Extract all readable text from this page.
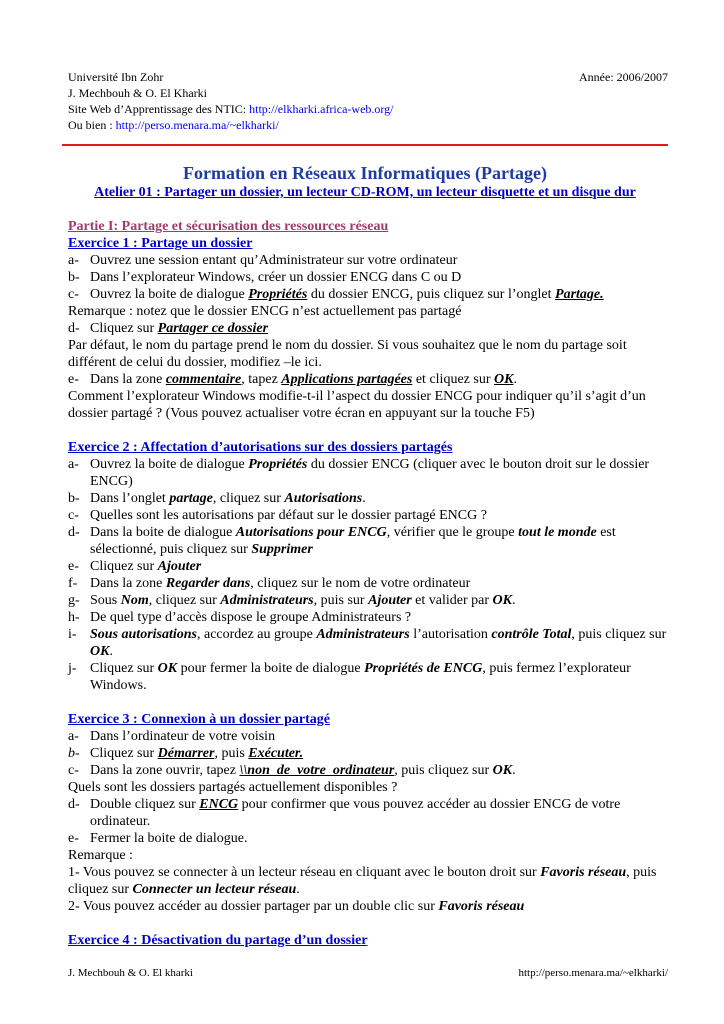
Université Ibn Zohr	Année: 2006/2007
J. Mechbouh & O. El Kharki
Site Web d’Apprentissage des NTIC: http://elkharki.africa-web.org/
Ou bien : http://perso.menara.ma/~elkharki/
Formation en Réseaux Informatiques (Partage)
Atelier 01 : Partager un dossier, un lecteur CD-ROM, un lecteur disquette et un disque dur
Partie I: Partage et sécurisation des ressources réseau
Exercice 1 : Partage un dossier
a- Ouvrez une session entant qu’Administrateur sur votre ordinateur
b- Dans l’explorateur Windows, créer un dossier ENCG dans C ou D
c- Ouvrez la boite de dialogue Propriétés du dossier ENCG, puis cliquez sur l’onglet Partage.
Remarque : notez que le dossier ENCG n’est actuellement pas partagé
d- Cliquez sur Partager ce dossier
Par défaut, le nom du partage prend le nom du dossier. Si vous souhaitez que le nom du partage soit différent de celui du dossier, modifiez –le ici.
e- Dans la zone commentaire, tapez Applications partagées et cliquez sur OK.
Comment l’explorateur Windows modifie-t-il l’aspect du dossier ENCG pour indiquer qu’il s’agit d’un dossier partagé ? (Vous pouvez actualiser votre écran en appuyant sur la touche F5)
Exercice 2 : Affectation d’autorisations sur des dossiers partagés
a- Ouvrez la boite de dialogue Propriétés du dossier ENCG (cliquer avec le bouton droit sur le dossier ENCG)
b- Dans l’onglet partage, cliquez sur Autorisations.
c- Quelles sont les autorisations par défaut sur le dossier partagé ENCG ?
d- Dans la boite de dialogue Autorisations pour ENCG, vérifier que le groupe tout le monde est sélectionné, puis cliquez sur Supprimer
e- Cliquez sur Ajouter
f- Dans la zone Regarder dans, cliquez sur le nom de votre ordinateur
g- Sous Nom, cliquez sur Administrateurs, puis sur Ajouter et valider par OK.
h- De quel type d’accès dispose le groupe Administrateurs ?
i- Sous autorisations, accordez au groupe Administrateurs l’autorisation contrôle Total, puis cliquez sur OK.
j- Cliquez sur OK pour fermer la boite de dialogue Propriétés de ENCG, puis fermez l’explorateur Windows.
Exercice 3 : Connexion à un dossier partagé
a- Dans l’ordinateur de votre voisin
b- Cliquez sur Démarrer, puis Exécuter.
c- Dans la zone ouvrir, tapez \\non_de_votre_ordinateur, puis cliquez sur OK.
Quels sont les dossiers partagés actuellement disponibles ?
d- Double cliquez sur ENCG pour confirmer que vous pouvez accéder au dossier ENCG de votre ordinateur.
e- Fermer la boite de dialogue.
Remarque :
1- Vous pouvez se connecter à un lecteur réseau en cliquant avec le bouton droit sur Favoris réseau, puis cliquez sur Connecter un lecteur réseau.
2- Vous pouvez accéder au dossier partager par un double clic sur Favoris réseau
Exercice 4 : Désactivation du partage d’un dossier
J. Mechbouh & O. El kharki	http://perso.menara.ma/~elkharki/
